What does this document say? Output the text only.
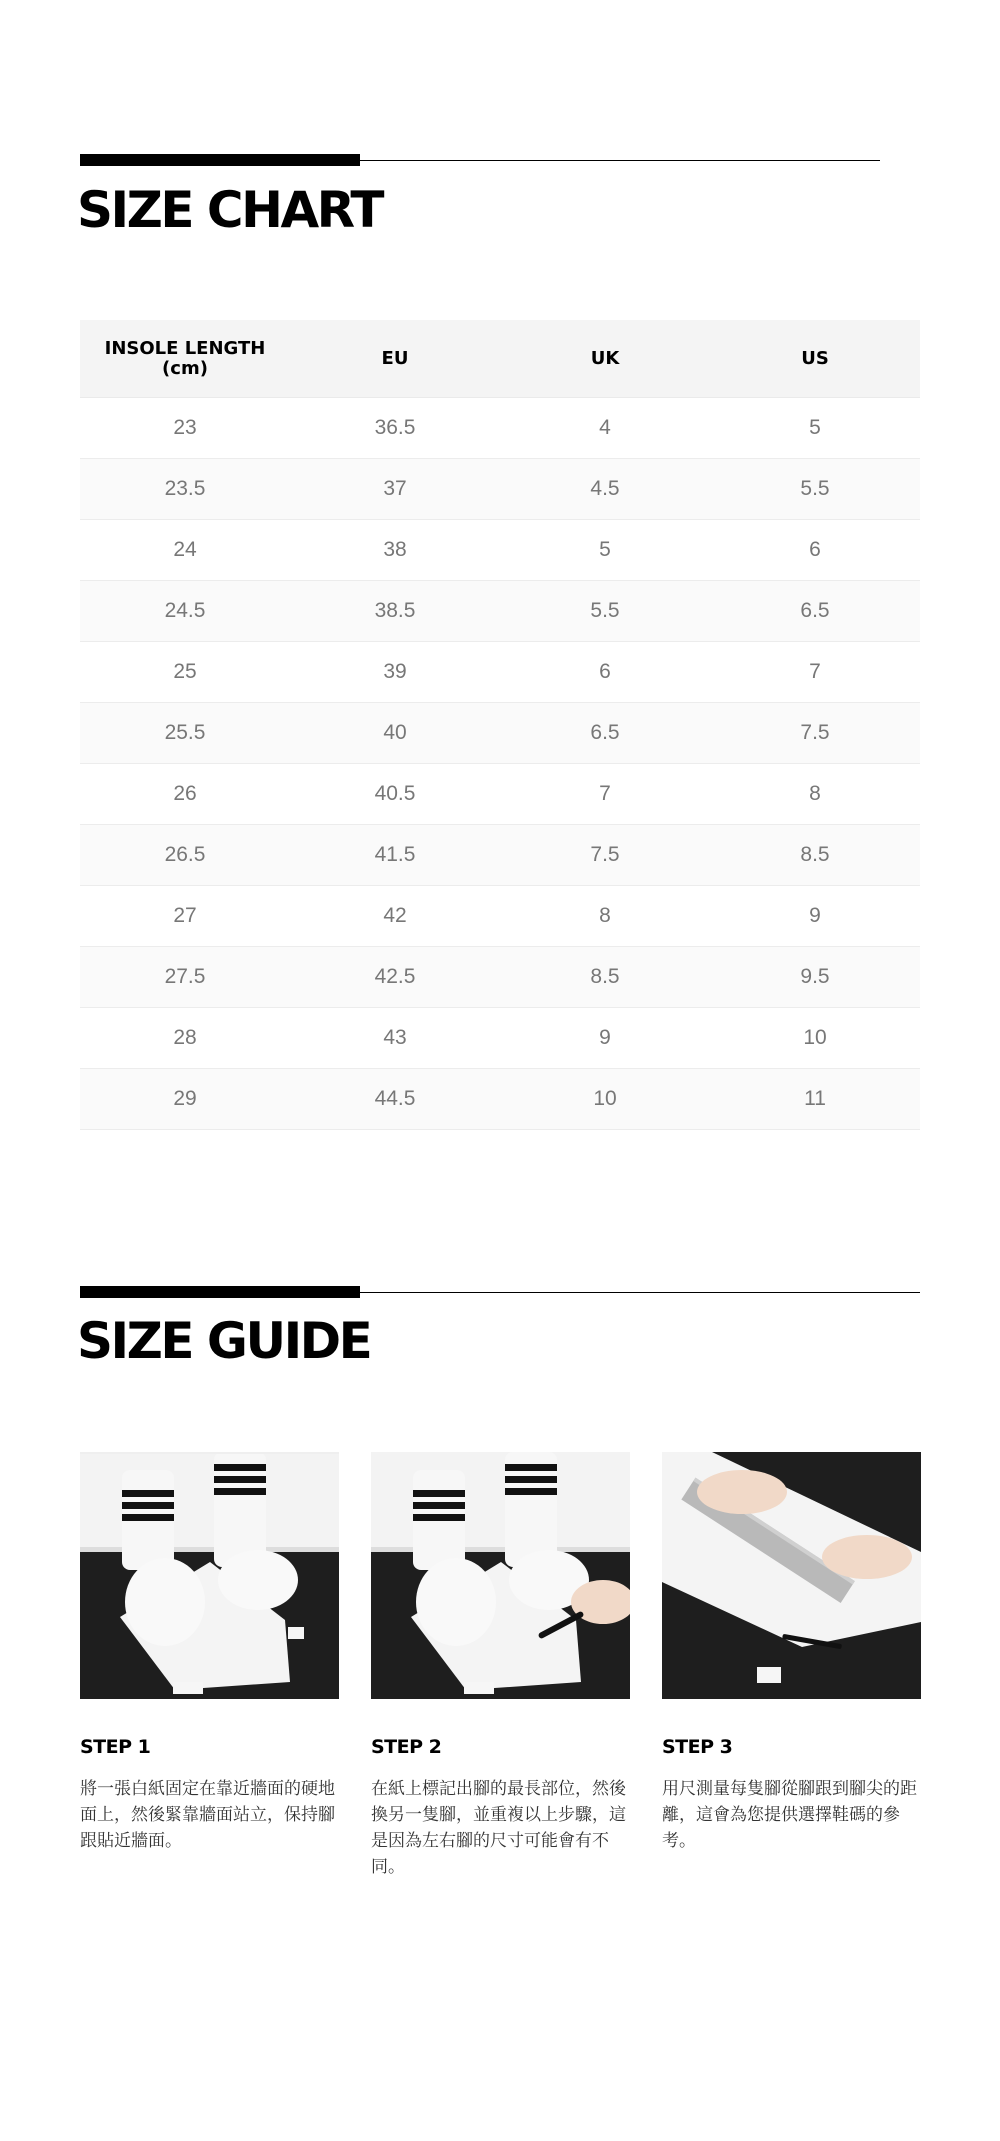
SIZE CHART
INSOLE LENGTH
(cm)	EU	UK	US
23	36.5	4	5
23.5	37	4.5	5.5
24	38	5	6
24.5	38.5	5.5	6.5
25	39	6	7
25.5	40	6.5	7.5
26	40.5	7	8
26.5	41.5	7.5	8.5
27	42	8	9
27.5	42.5	8.5	9.5
28	43	9	10
29	44.5	10	11
SIZE GUIDE
STEP 1
將一張白紙固定在靠近牆面的硬地面上，然後緊靠牆面站立，保持腳跟貼近牆面。
STEP 2
在紙上標記出腳的最長部位，然後換另一隻腳，並重複以上步驟，這是因為左右腳的尺寸可能會有不同。
STEP 3
用尺測量每隻腳從腳跟到腳尖的距離，這會為您提供選擇鞋碼的參考。
